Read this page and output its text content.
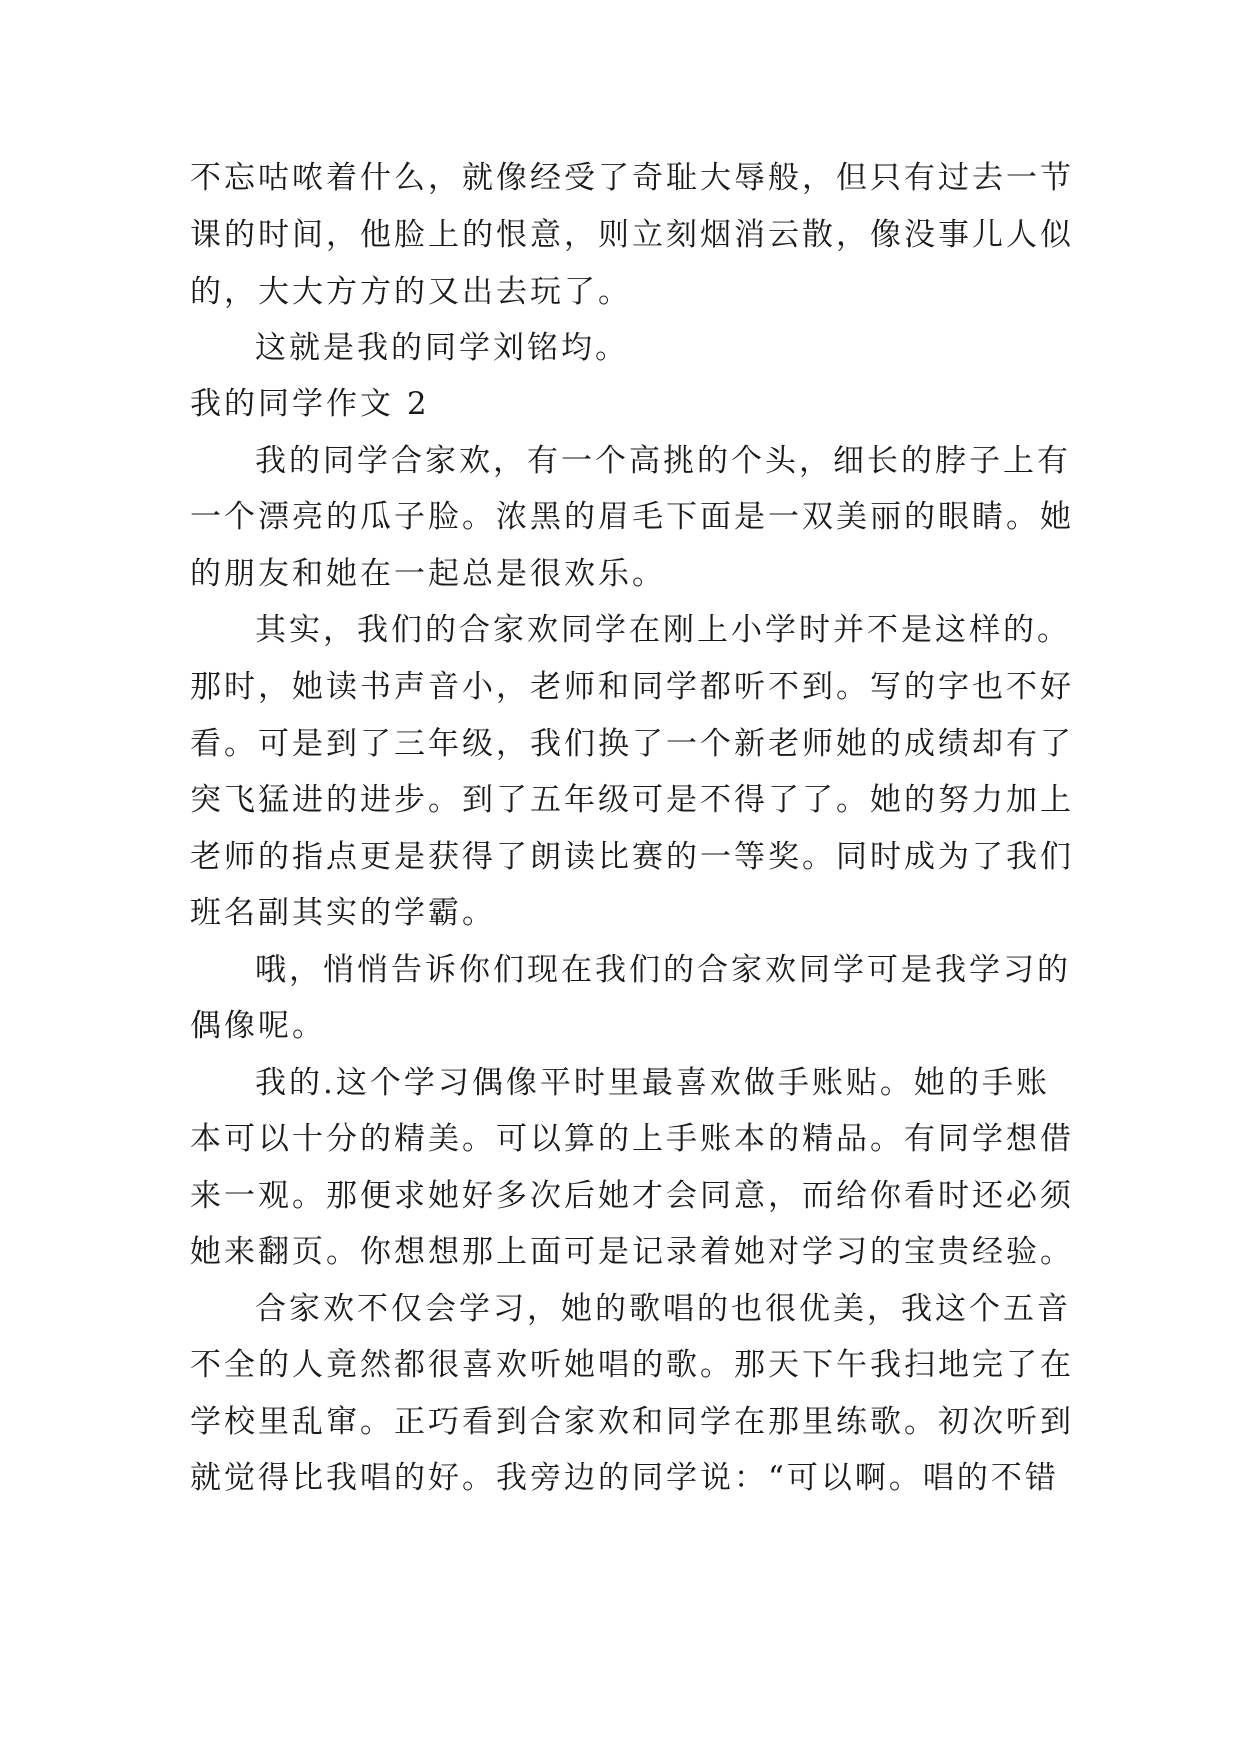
不忘咕哝着什么，就像经受了奇耻大辱般，但只有过去一节

课的时间，他脸上的恨意，则立刻烟消云散，像没事儿人似

的，大大方方的又出去玩了。

这就是我的同学刘铭均。

我的同学作文 2

我的同学合家欢，有一个高挑的个头，细长的脖子上有

一个漂亮的瓜子脸。浓黑的眉毛下面是一双美丽的眼睛。她

的朋友和她在一起总是很欢乐。

其实，我们的合家欢同学在刚上小学时并不是这样的。

那时，她读书声音小，老师和同学都听不到。写的字也不好

看。可是到了三年级，我们换了一个新老师她的成绩却有了

突飞猛进的进步。到了五年级可是不得了了。她的努力加上

老师的指点更是获得了朗读比赛的一等奖。同时成为了我们

班名副其实的学霸。

哦，悄悄告诉你们现在我们的合家欢同学可是我学习的

偶像呢。

我的.这个学习偶像平时里最喜欢做手账贴。她的手账

本可以十分的精美。可以算的上手账本的精品。有同学想借

来一观。那便求她好多次后她才会同意，而给你看时还必须

她来翻页。你想想那上面可是记录着她对学习的宝贵经验。

合家欢不仅会学习，她的歌唱的也很优美，我这个五音

不全的人竟然都很喜欢听她唱的歌。那天下午我扫地完了在

学校里乱窜。正巧看到合家欢和同学在那里练歌。初次听到

就觉得比我唱的好。我旁边的同学说：“可以啊。唱的不错
